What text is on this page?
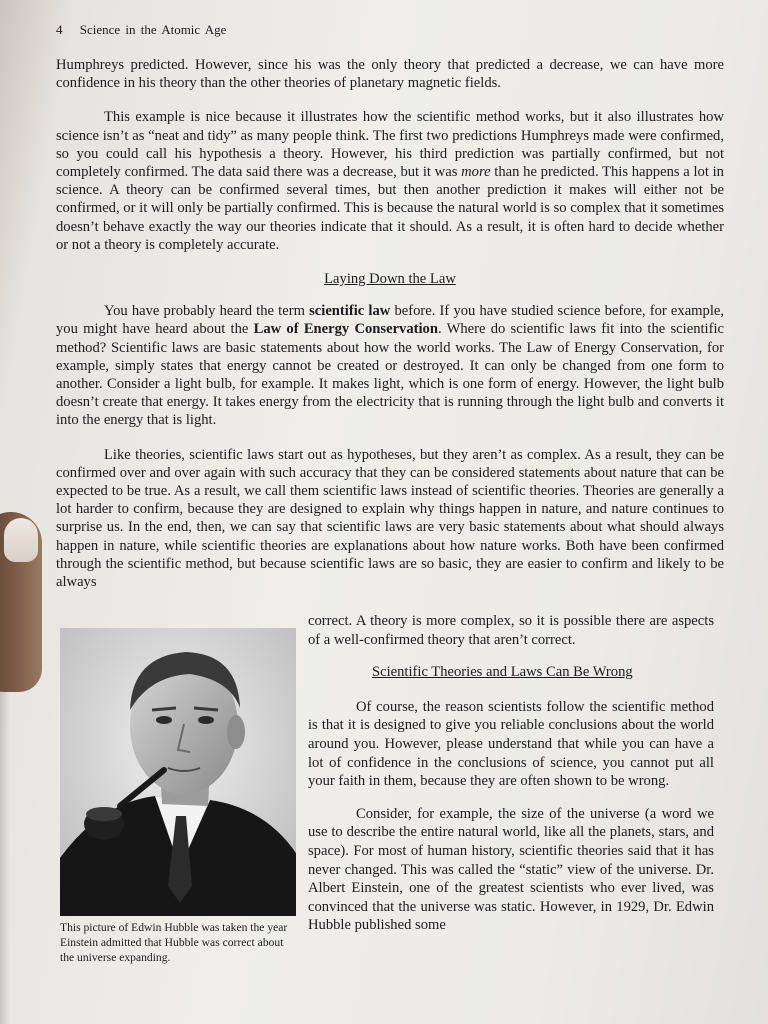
4 Science in the Atomic Age

Humphreys predicted. However, since his was the only theory that predicted a decrease, we can have more confidence in his theory than the other theories of planetary magnetic fields.

This example is nice because it illustrates how the scientific method works, but it also illustrates how science isn’t as “neat and tidy” as many people think. The first two predictions Humphreys made were confirmed, so you could call his hypothesis a theory. However, his third prediction was partially confirmed, but not completely confirmed. The data said there was a decrease, but it was more than he predicted. This happens a lot in science. A theory can be confirmed several times, but then another prediction it makes will either not be confirmed, or it will only be partially confirmed. This is because the natural world is so complex that it sometimes doesn’t behave exactly the way our theories indicate that it should. As a result, it is often hard to decide whether or not a theory is completely accurate.

Laying Down the Law

You have probably heard the term scientific law before. If you have studied science before, for example, you might have heard about the Law of Energy Conservation. Where do scientific laws fit into the scientific method? Scientific laws are basic statements about how the world works. The Law of Energy Conservation, for example, simply states that energy cannot be created or destroyed. It can only be changed from one form to another. Consider a light bulb, for example. It makes light, which is one form of energy. However, the light bulb doesn’t create that energy. It takes energy from the electricity that is running through the light bulb and converts it into the energy that is light.

Like theories, scientific laws start out as hypotheses, but they aren’t as complex. As a result, they can be confirmed over and over again with such accuracy that they can be considered statements about nature that can be expected to be true. As a result, we call them scientific laws instead of scientific theories. Theories are generally a lot harder to confirm, because they are designed to explain why things happen in nature, and nature continues to surprise us. In the end, then, we can say that scientific laws are very basic statements about what should always happen in nature, while scientific theories are explanations about how nature works. Both have been confirmed through the scientific method, but because scientific laws are so basic, they are easier to confirm and likely to be always

correct. A theory is more complex, so it is possible there are aspects of a well-confirmed theory that aren’t correct.

Scientific Theories and Laws Can Be Wrong

Of course, the reason scientists follow the scientific method is that it is designed to give you reliable conclusions about the world around you. However, please understand that while you can have a lot of confidence in the conclusions of science, you cannot put all your faith in them, because they are often shown to be wrong.

Consider, for example, the size of the universe (a word we use to describe the entire natural world, like all the planets, stars, and space). For most of human history, scientific theories said that it has never changed. This was called the “static” view of the universe. Dr. Albert Einstein, one of the greatest scientists who ever lived, was convinced that the universe was static. However, in 1929, Dr. Edwin Hubble published some

This picture of Edwin Hubble was taken the year Einstein admitted that Hubble was correct about the universe expanding.
